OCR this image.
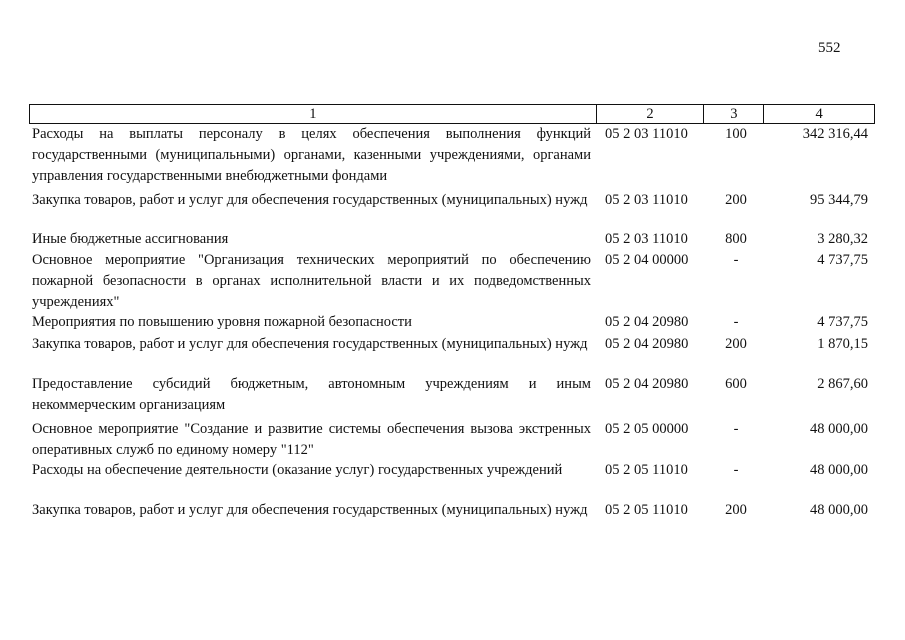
552
1	2	3	4
Расходы на выплаты персоналу в целях обеспечения выполнения функций государственными (муниципальными) органами, казенными учреждениями, органами управления государственными внебюджетными фондами
05 2 03 11010	100	342 316,44
Закупка товаров, работ и услуг для обеспечения государственных (муниципальных) нужд	05 2 03 11010	200	95 344,79
Иные бюджетные ассигнования	05 2 03 11010	800	3 280,32
Основное мероприятие "Организация технических мероприятий по обеспечению пожарной безопасности в органах исполнительной власти и их подведомственных учреждениях"
05 2 04 00000	-	4 737,75
Мероприятия по повышению уровня пожарной безопасности	05 2 04 20980	-	4 737,75
Закупка товаров, работ и услуг для обеспечения государственных (муниципальных) нужд	05 2 04 20980	200	1 870,15
Предоставление субсидий бюджетным, автономным учреждениям и иным некоммерческим организациям
05 2 04 20980	600	2 867,60
Основное мероприятие "Создание и развитие системы обеспечения вызова экстренных оперативных служб по единому номеру "112"
05 2 05 00000	-	48 000,00
Расходы на обеспечение деятельности (оказание услуг) государственных учреждений	05 2 05 11010	-	48 000,00
Закупка товаров, работ и услуг для обеспечения государственных (муниципальных) нужд	05 2 05 11010	200	48 000,00
